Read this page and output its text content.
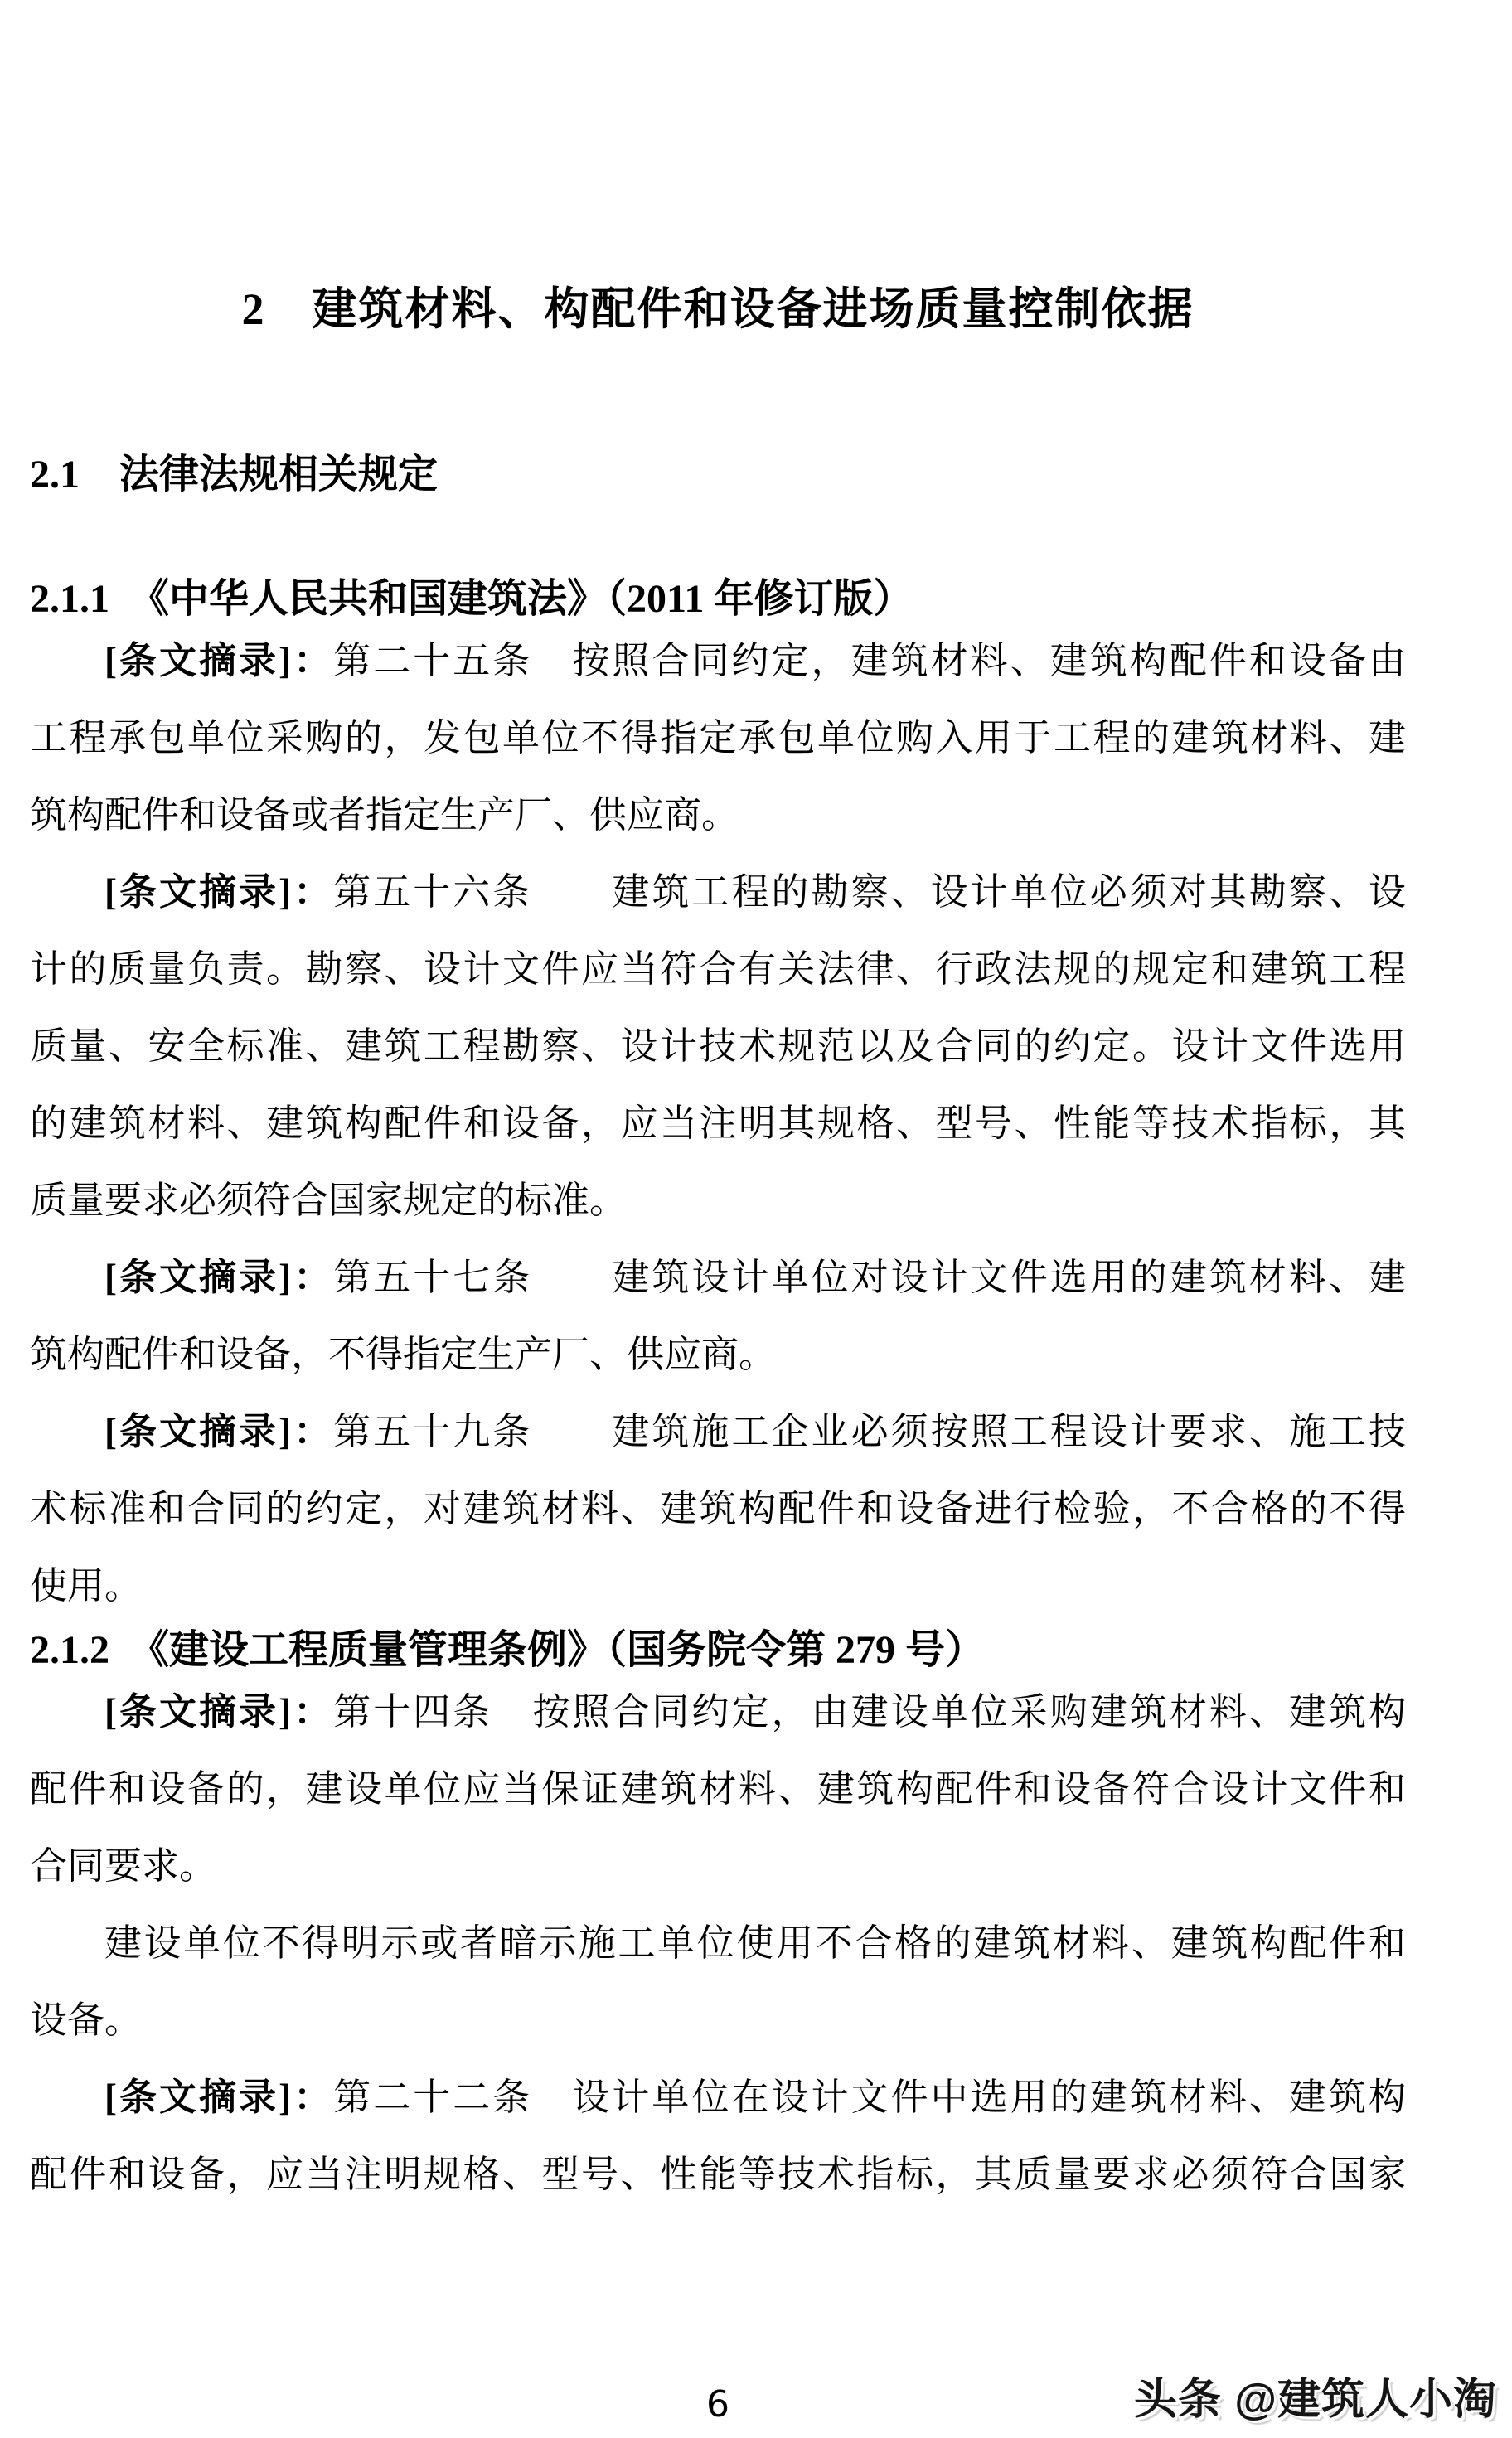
2　建筑材料、构配件和设备进场质量控制依据
2.1　法律法规相关规定
2.1.1　《中华人民共和国建筑法》（2011 年修订版）
[条文摘录]：第二十五条　按照合同约定，建筑材料、建筑构配件和设备由
工程承包单位采购的，发包单位不得指定承包单位购入用于工程的建筑材料、建
筑构配件和设备或者指定生产厂、供应商。
[条文摘录]：第五十六条　　建筑工程的勘察、设计单位必须对其勘察、设
计的质量负责。勘察、设计文件应当符合有关法律、行政法规的规定和建筑工程
质量、安全标准、建筑工程勘察、设计技术规范以及合同的约定。设计文件选用
的建筑材料、建筑构配件和设备，应当注明其规格、型号、性能等技术指标，其
质量要求必须符合国家规定的标准。
[条文摘录]：第五十七条　　建筑设计单位对设计文件选用的建筑材料、建
筑构配件和设备，不得指定生产厂、供应商。
[条文摘录]：第五十九条　　建筑施工企业必须按照工程设计要求、施工技
术标准和合同的约定，对建筑材料、建筑构配件和设备进行检验，不合格的不得
使用。
2.1.2　《建设工程质量管理条例》（国务院令第 279 号）
[条文摘录]：第十四条　按照合同约定，由建设单位采购建筑材料、建筑构
配件和设备的，建设单位应当保证建筑材料、建筑构配件和设备符合设计文件和
合同要求。
建设单位不得明示或者暗示施工单位使用不合格的建筑材料、建筑构配件和
设备。
[条文摘录]：第二十二条　设计单位在设计文件中选用的建筑材料、建筑构
配件和设备，应当注明规格、型号、性能等技术指标，其质量要求必须符合国家
6	头条 @建筑人小淘
